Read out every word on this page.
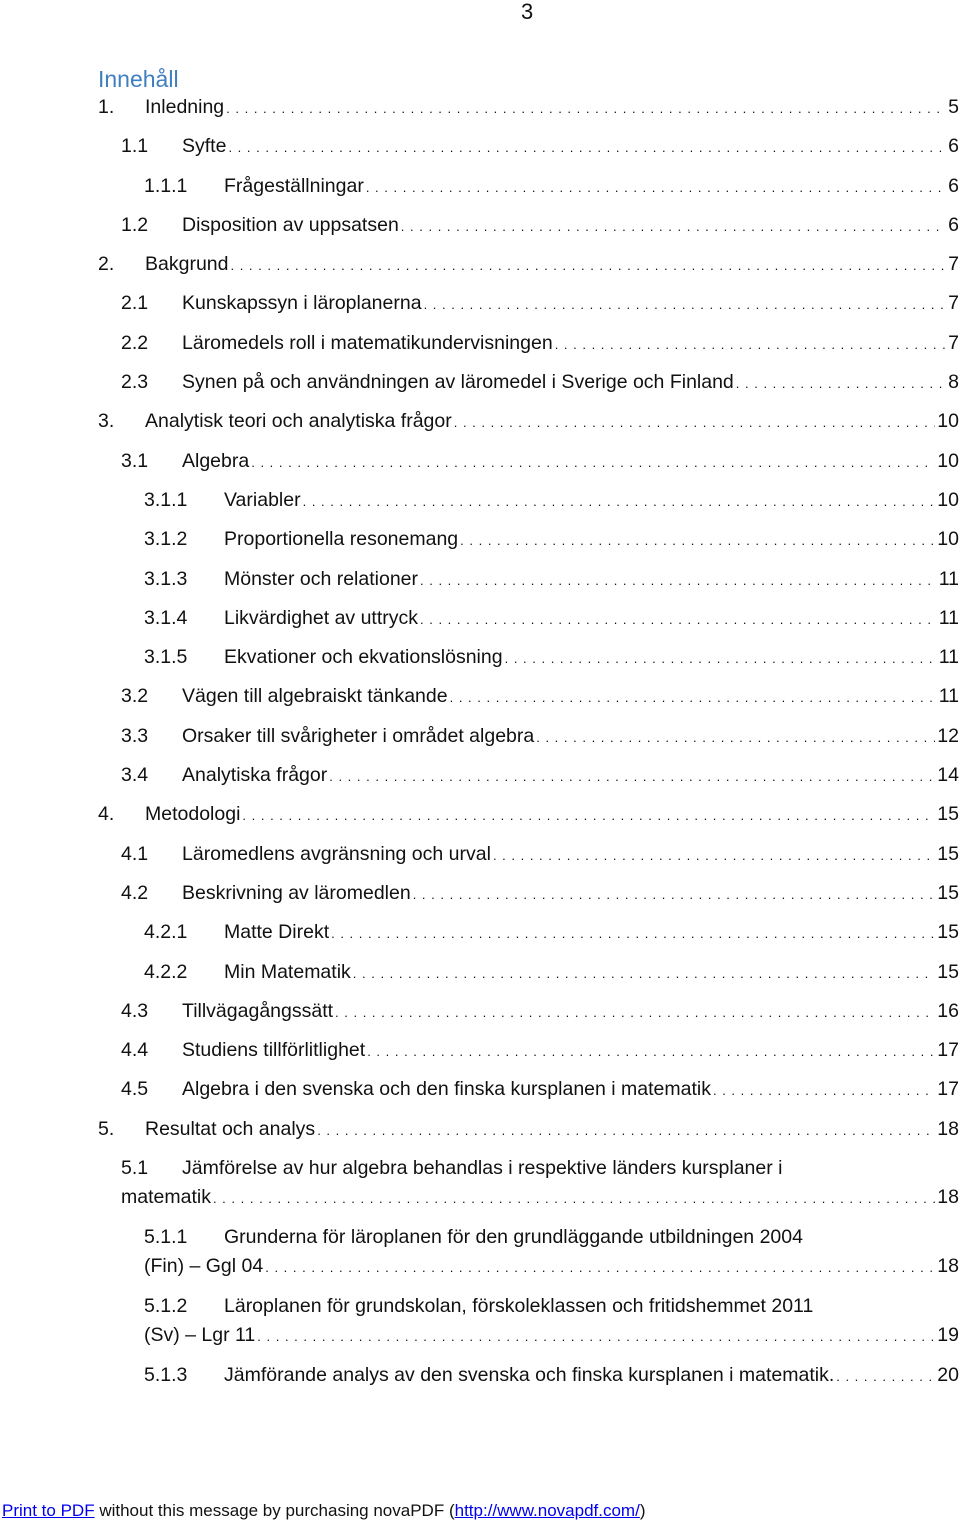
3
Innehåll
1.	Inledning . . .	5
1.1	Syfte . . .	6
1.1.1	Frågeställningar . . .	6
1.2	Disposition av uppsatsen . . .	6
2.	Bakgrund . . .	7
2.1	Kunskapssyn i läroplanerna . . .	7
2.2	Läromedels roll i matematikundervisningen . . .	7
2.3	Synen på och användningen av läromedel i Sverige och Finland . . .	8
3.	Analytisk teori och analytiska frågor . . .	10
3.1	Algebra . . .	10
3.1.1	Variabler . . .	10
3.1.2	Proportionella resonemang . . .	10
3.1.3	Mönster och relationer . . .	11
3.1.4	Likvärdighet av uttryck . . .	11
3.1.5	Ekvationer och ekvationslösning . . .	11
3.2	Vägen till algebraiskt tänkande . . .	11
3.3	Orsaker till svårigheter i området algebra . . .	12
3.4	Analytiska frågor . . .	14
4.	Metodologi . . .	15
4.1	Läromedlens avgränsning och urval . . .	15
4.2	Beskrivning av läromedlen . . .	15
4.2.1	Matte Direkt . . .	15
4.2.2	Min Matematik . . .	15
4.3	Tillvägagångssätt . . .	16
4.4	Studiens tillförlitlighet . . .	17
4.5	Algebra i den svenska och den finska kursplanen i matematik . . .	17
5.	Resultat och analys . . .	18
5.1	Jämförelse av hur algebra behandlas i respektive länders kursplaner i
matematik . . .	18
5.1.1	Grunderna för läroplanen för den grundläggande utbildningen 2004
(Fin) – Ggl 04 . . .	18
5.1.2	Läroplanen för grundskolan, förskoleklassen och fritidshemmet 2011
(Sv) – Lgr 11 . . .	19
5.1.3	Jämförande analys av den svenska och finska kursplanen i matematik. . . .	20
Print to PDF without this message by purchasing novaPDF (http://www.novapdf.com/)
